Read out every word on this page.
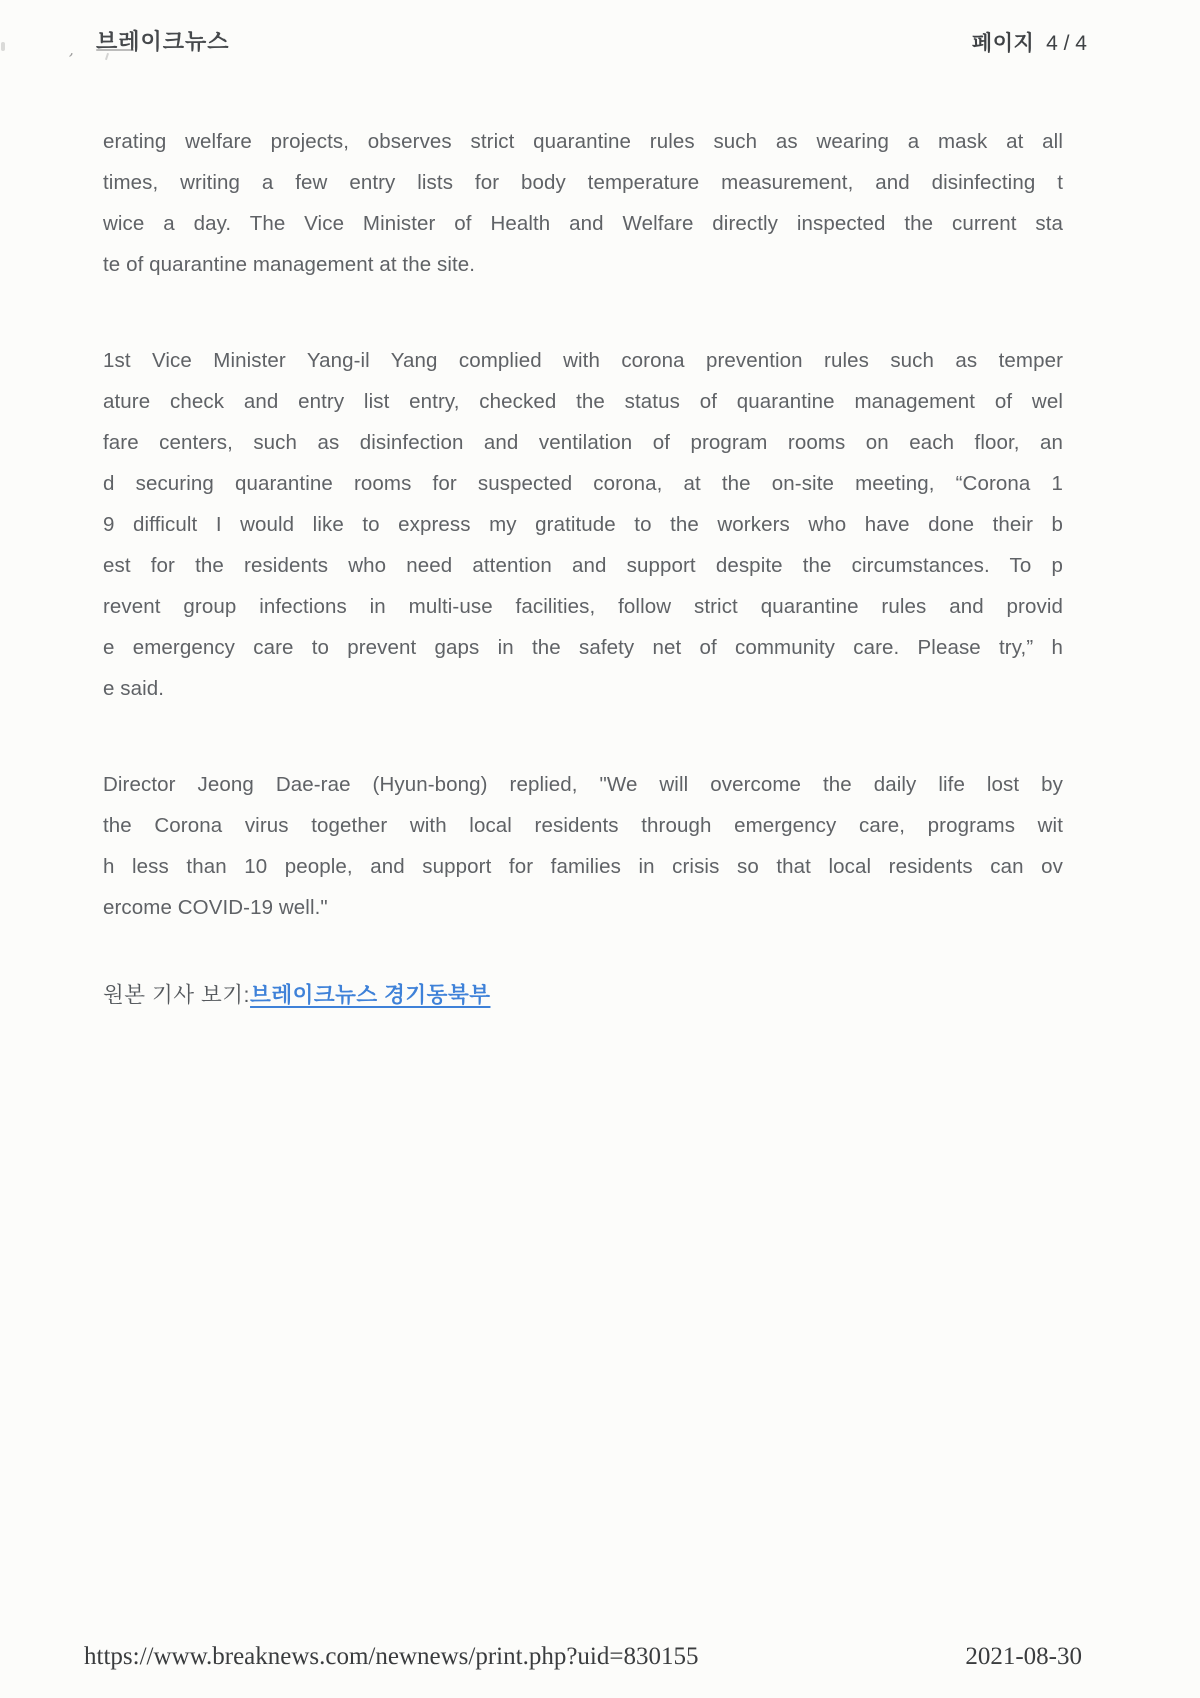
, 브레이크뉴스	페이지 4 / 4
erating welfare projects, observes strict quarantine rules such as wearing a mask at all
times, writing a few entry lists for body temperature measurement, and disinfecting t
wice a day. The Vice Minister of Health and Welfare directly inspected the current sta
te of quarantine management at the site.
1st Vice Minister Yang-il Yang complied with corona prevention rules such as temper
ature check and entry list entry, checked the status of quarantine management of wel
fare centers, such as disinfection and ventilation of program rooms on each floor, an
d securing quarantine rooms for suspected corona, at the on-site meeting, “Corona 1
9 difficult I would like to express my gratitude to the workers who have done their b
est for the residents who need attention and support despite the circumstances. To p
revent group infections in multi-use facilities, follow strict quarantine rules and provid
e emergency care to prevent gaps in the safety net of community care. Please try,” h
e said.
Director Jeong Dae-rae (Hyun-bong) replied, "We will overcome the daily life lost by
the Corona virus together with local residents through emergency care, programs wit
h less than 10 people, and support for families in crisis so that local residents can ov
ercome COVID-19 well."
원본 기사 보기:브레이크뉴스 경기동북부
https://www.breaknews.com/newnews/print.php?uid=830155	2021-08-30
